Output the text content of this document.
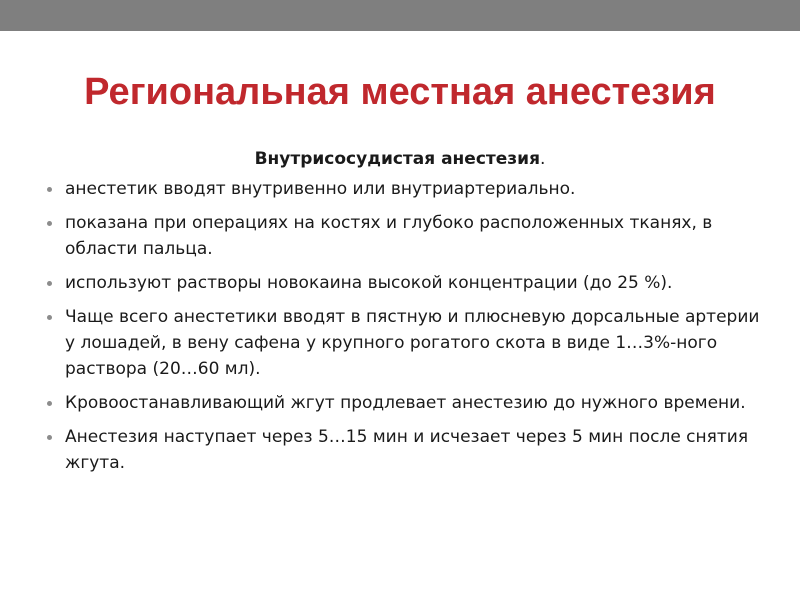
Региональная местная анестезия
Внутрисосудистая анестезия.
анестетик вводят внутривенно или внутриартериально.
показана при операциях на костях и глубоко расположенных тканях, в области пальца.
используют растворы новокаина высокой концентрации (до 25 %).
Чаще всего анестетики вводят в пястную и плюсневую дорсальные артерии у лошадей, в вену сафена у крупного рогатого скота в виде 1…3%-ного раствора (20…60 мл).
Кровоостанавливающий жгут продлевает анестезию до нужного времени.
Анестезия наступает через 5…15 мин и исчезает через 5 мин после снятия жгута.
